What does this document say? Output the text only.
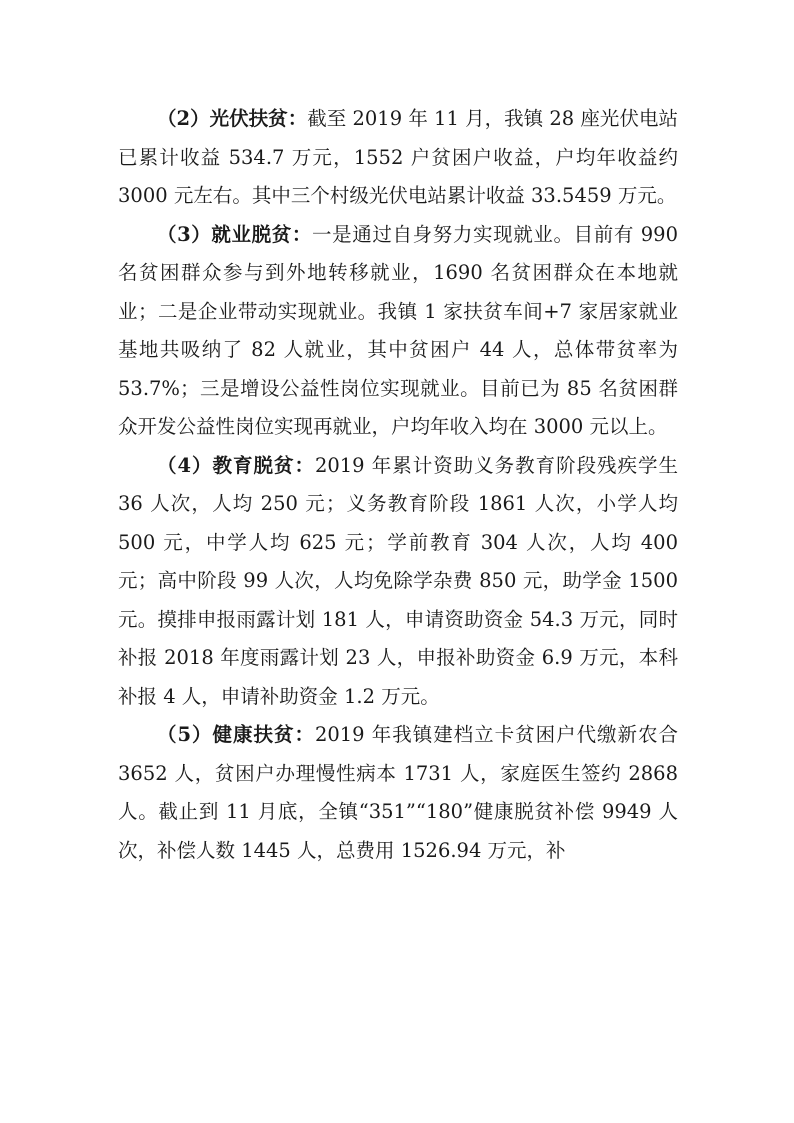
（2）光伏扶贫：截至 2019 年 11 月，我镇 28 座光伏电站已累计收益 534.7 万元，1552 户贫困户收益，户均年收益约 3000 元左右。其中三个村级光伏电站累计收益 33.5459 万元。

（3）就业脱贫：一是通过自身努力实现就业。目前有 990 名贫困群众参与到外地转移就业，1690 名贫困群众在本地就业；二是企业带动实现就业。我镇 1 家扶贫车间+7 家居家就业基地共吸纳了 82 人就业，其中贫困户 44 人，总体带贫率为 53.7%；三是增设公益性岗位实现就业。目前已为 85 名贫困群众开发公益性岗位实现再就业，户均年收入均在 3000 元以上。

（4）教育脱贫：2019 年累计资助义务教育阶段残疾学生 36 人次，人均 250 元；义务教育阶段 1861 人次，小学人均 500 元，中学人均 625 元；学前教育 304 人次，人均 400 元；高中阶段 99 人次，人均免除学杂费 850 元，助学金 1500 元。摸排申报雨露计划 181 人，申请资助资金 54.3 万元，同时补报 2018 年度雨露计划 23 人，申报补助资金 6.9 万元，本科补报 4 人，申请补助资金 1.2 万元。

（5）健康扶贫：2019 年我镇建档立卡贫困户代缴新农合 3652 人，贫困户办理慢性病本 1731 人，家庭医生签约 2868 人。截止到 11 月底，全镇“351”“180”健康脱贫补偿 9949 人次，补偿人数 1445 人，总费用 1526.94 万元，补
